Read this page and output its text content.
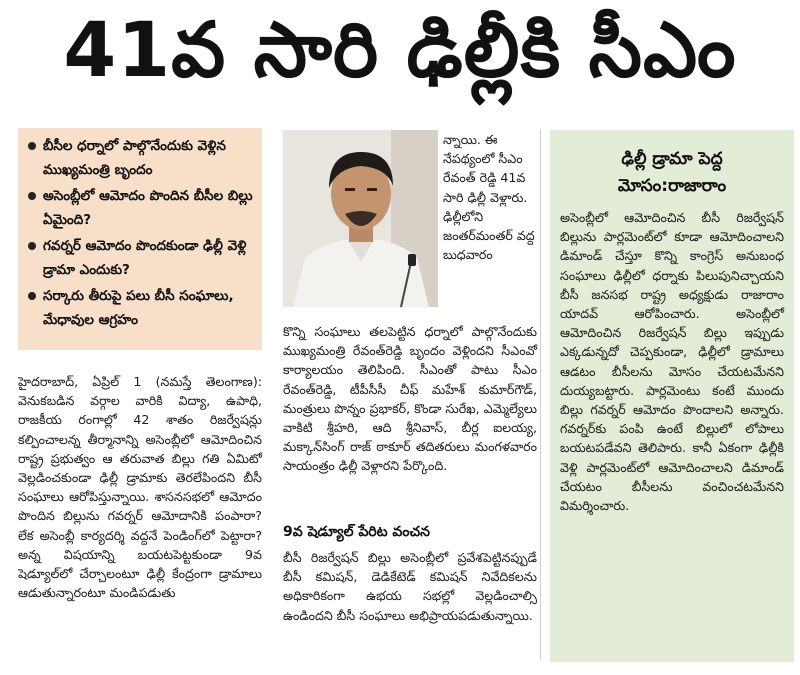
41వ సారి ఢిల్లీకి సీఎం
బీసీల ధర్నాలో పాల్గొనేందుకు వెళ్లిన ముఖ్యమంత్రి బృందం
అసెంబ్లీలో ఆమోదం పొందిన బీసీల బిల్లు ఏమైంది?
గవర్నర్ ఆమోదం పొందకుండా ఢిల్లీ వెళ్లి డ్రామా ఎందుకు?
సర్కారు తీరుపై పలు బీసీ సంఘాలు, మేధావుల ఆగ్రహం
హైదరాబాద్, ఏప్రిల్ 1 (నమస్తే తెలంగాణ): వెనుకబడిన వర్గాల వారికి విద్యా, ఉపాధి, రాజకీయ రంగాల్లో 42 శాతం రిజర్వేషన్లు కల్పించాలన్న తీర్మానాన్ని అసెంబ్లీలో ఆమోదించిన రాష్ట్ర ప్రభుత్వం ఆ తరువాత బిల్లు గతి ఏమిటో వెల్లడించకుండా ఢిల్లీ డ్రామాకు తెరలేపిందని బీసీ సంఘాలు ఆరోపిస్తున్నాయి. శాసనసభలో ఆమోదం పొందిన బిల్లును గవర్నర్ ఆమోదానికి పంపారా? లేక అసెంబ్లీ కార్యదర్శి వద్దనే పెండింగ్‌లో పెట్టారా? అన్న విషయాన్ని బయటపెట్టకుండా 9వ షెడ్యూల్‌లో చేర్చాలంటూ ఢిల్లీ కేంద్రంగా డ్రామాలు ఆడుతున్నారంటూ మండిపడుతు
న్నాయి. ఈ నేపథ్యంలో సీఎం రేవంత్ రెడ్డి 41వ సారి ఢిల్లీ వెళ్లారు. ఢిల్లీలోని జంతర్‌మంతర్ వద్ద బుధవారం
కొన్ని సంఘాలు తలపెట్టిన ధర్నాలో పాల్గొనేందుకు ముఖ్యమంత్రి రేవంత్‌రెడ్డి బృందం వెళ్లిందని సీఎంవో కార్యాలయం తెలిపింది. సీఎంతో పాటు సీఎం రేవంత్‌రెడ్డి, టీపీసీసీ చీఫ్ మహేశ్ కుమార్‌గౌడ్, మంత్రులు పొన్నం ప్రభాకర్, కొండా సురేఖ, ఎమ్మెల్యేలు వాకిటి శ్రీహరి, ఆది శ్రీనివాస్, బీర్ల ఐలయ్య, మక్కాన్‌సింగ్ రాజ్ ఠాకూర్ తదితరులు మంగళవారం సాయంత్రం ఢిల్లీ వెళ్లారని పేర్కొంది.
9వ షెడ్యూల్ పేరిట వంచన
బీసీ రిజర్వేషన్ బిల్లు అసెంబ్లీలో ప్రవేశపెట్టినప్పుడే బీసీ కమిషన్, డెడికేటెడ్ కమిషన్ నివేదికలను అధికారికంగా ఉభయ సభల్లో వెల్లడించాల్సి ఉండిందని బీసీ సంఘాలు అభిప్రాయపడుతున్నాయి.
ఢిల్లీ డ్రామా పెద్ద
మోసం:రాజారాం
అసెంబ్లీలో ఆమోదించిన బీసీ రిజర్వేషన్ బిల్లును పార్లమెంట్‌లో కూడా ఆమోదించాలని డిమాండ్ చేస్తూ కొన్ని కాంగ్రెస్ అనుబంధ సంఘాలు ఢిల్లీలో ధర్నాకు పిలుపునిచ్చాయని బీసీ జనసభ రాష్ట్ర అధ్యక్షుడు రాజారాం యాదవ్ ఆరోపించారు. అసెంబ్లీలో ఆమోదించిన రిజర్వేషన్ బిల్లు ఇప్పుడు ఎక్కడున్నదో చెప్పకుండా, ఢిల్లీలో డ్రామాలు ఆడటం బీసీలను మోసం చేయటమేనని దుయ్యబట్టారు. పార్లమెంటు కంటే ముందు బిల్లు గవర్నర్ ఆమోదం పొందాలని అన్నారు. గవర్నర్‌కు పంపి ఉంటే బిల్లులో లోపాలు బయటపడేవని తెలిపారు. కానీ ఏకంగా ఢిల్లీకి వెళ్లి పార్లమెంట్‌లో ఆమోదించాలని డిమాండ్ చేయటం బీసీలను వంచించటమేనని విమర్శించారు.
